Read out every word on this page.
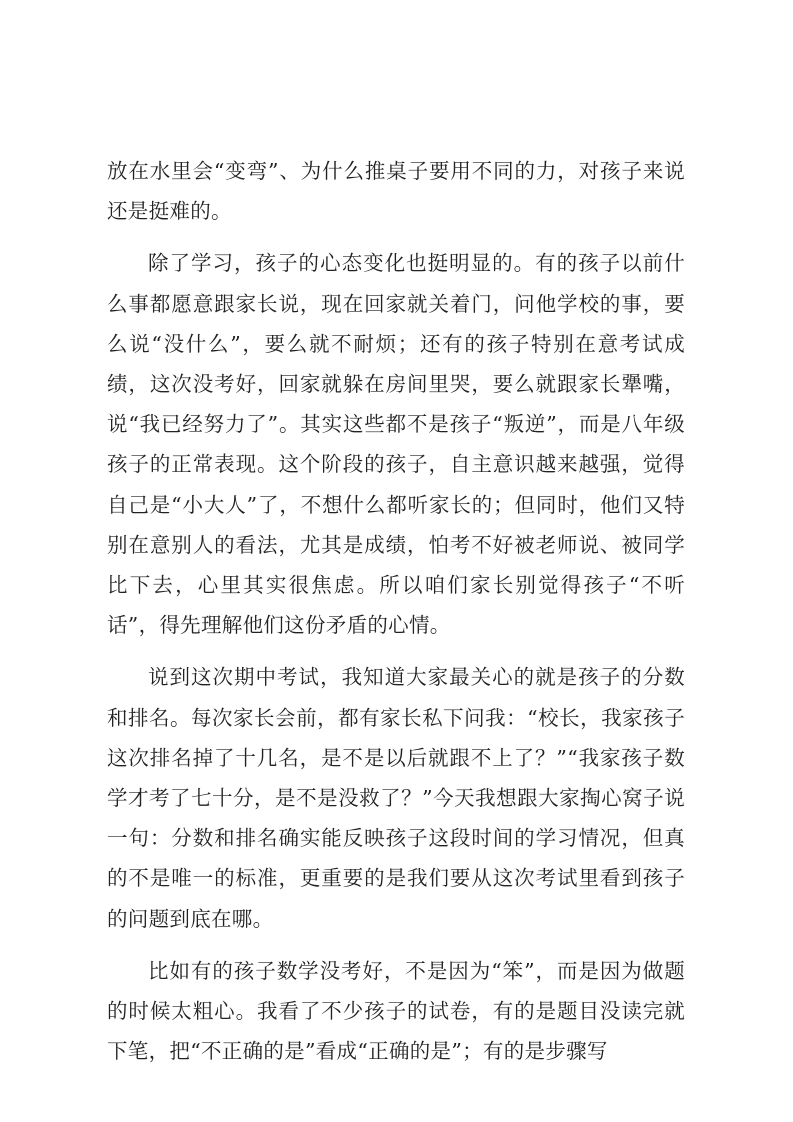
放在水里会“变弯”、为什么推桌子要用不同的力，对孩子来说还是挺难的。

除了学习，孩子的心态变化也挺明显的。有的孩子以前什么事都愿意跟家长说，现在回家就关着门，问他学校的事，要么说“没什么”，要么就不耐烦；还有的孩子特别在意考试成绩，这次没考好，回家就躲在房间里哭，要么就跟家长犟嘴，说“我已经努力了”。其实这些都不是孩子“叛逆”，而是八年级孩子的正常表现。这个阶段的孩子，自主意识越来越强，觉得自己是“小大人”了，不想什么都听家长的；但同时，他们又特别在意别人的看法，尤其是成绩，怕考不好被老师说、被同学比下去，心里其实很焦虑。所以咱们家长别觉得孩子“不听话”，得先理解他们这份矛盾的心情。

说到这次期中考试，我知道大家最关心的就是孩子的分数和排名。每次家长会前，都有家长私下问我：“校长，我家孩子这次排名掉了十几名，是不是以后就跟不上了？”“我家孩子数学才考了七十分，是不是没救了？”今天我想跟大家掏心窝子说一句：分数和排名确实能反映孩子这段时间的学习情况，但真的不是唯一的标准，更重要的是我们要从这次考试里看到孩子的问题到底在哪。

比如有的孩子数学没考好，不是因为“笨”，而是因为做题的时候太粗心。我看了不少孩子的试卷，有的是题目没读完就下笔，把“不正确的是”看成“正确的是”；有的是步骤写
